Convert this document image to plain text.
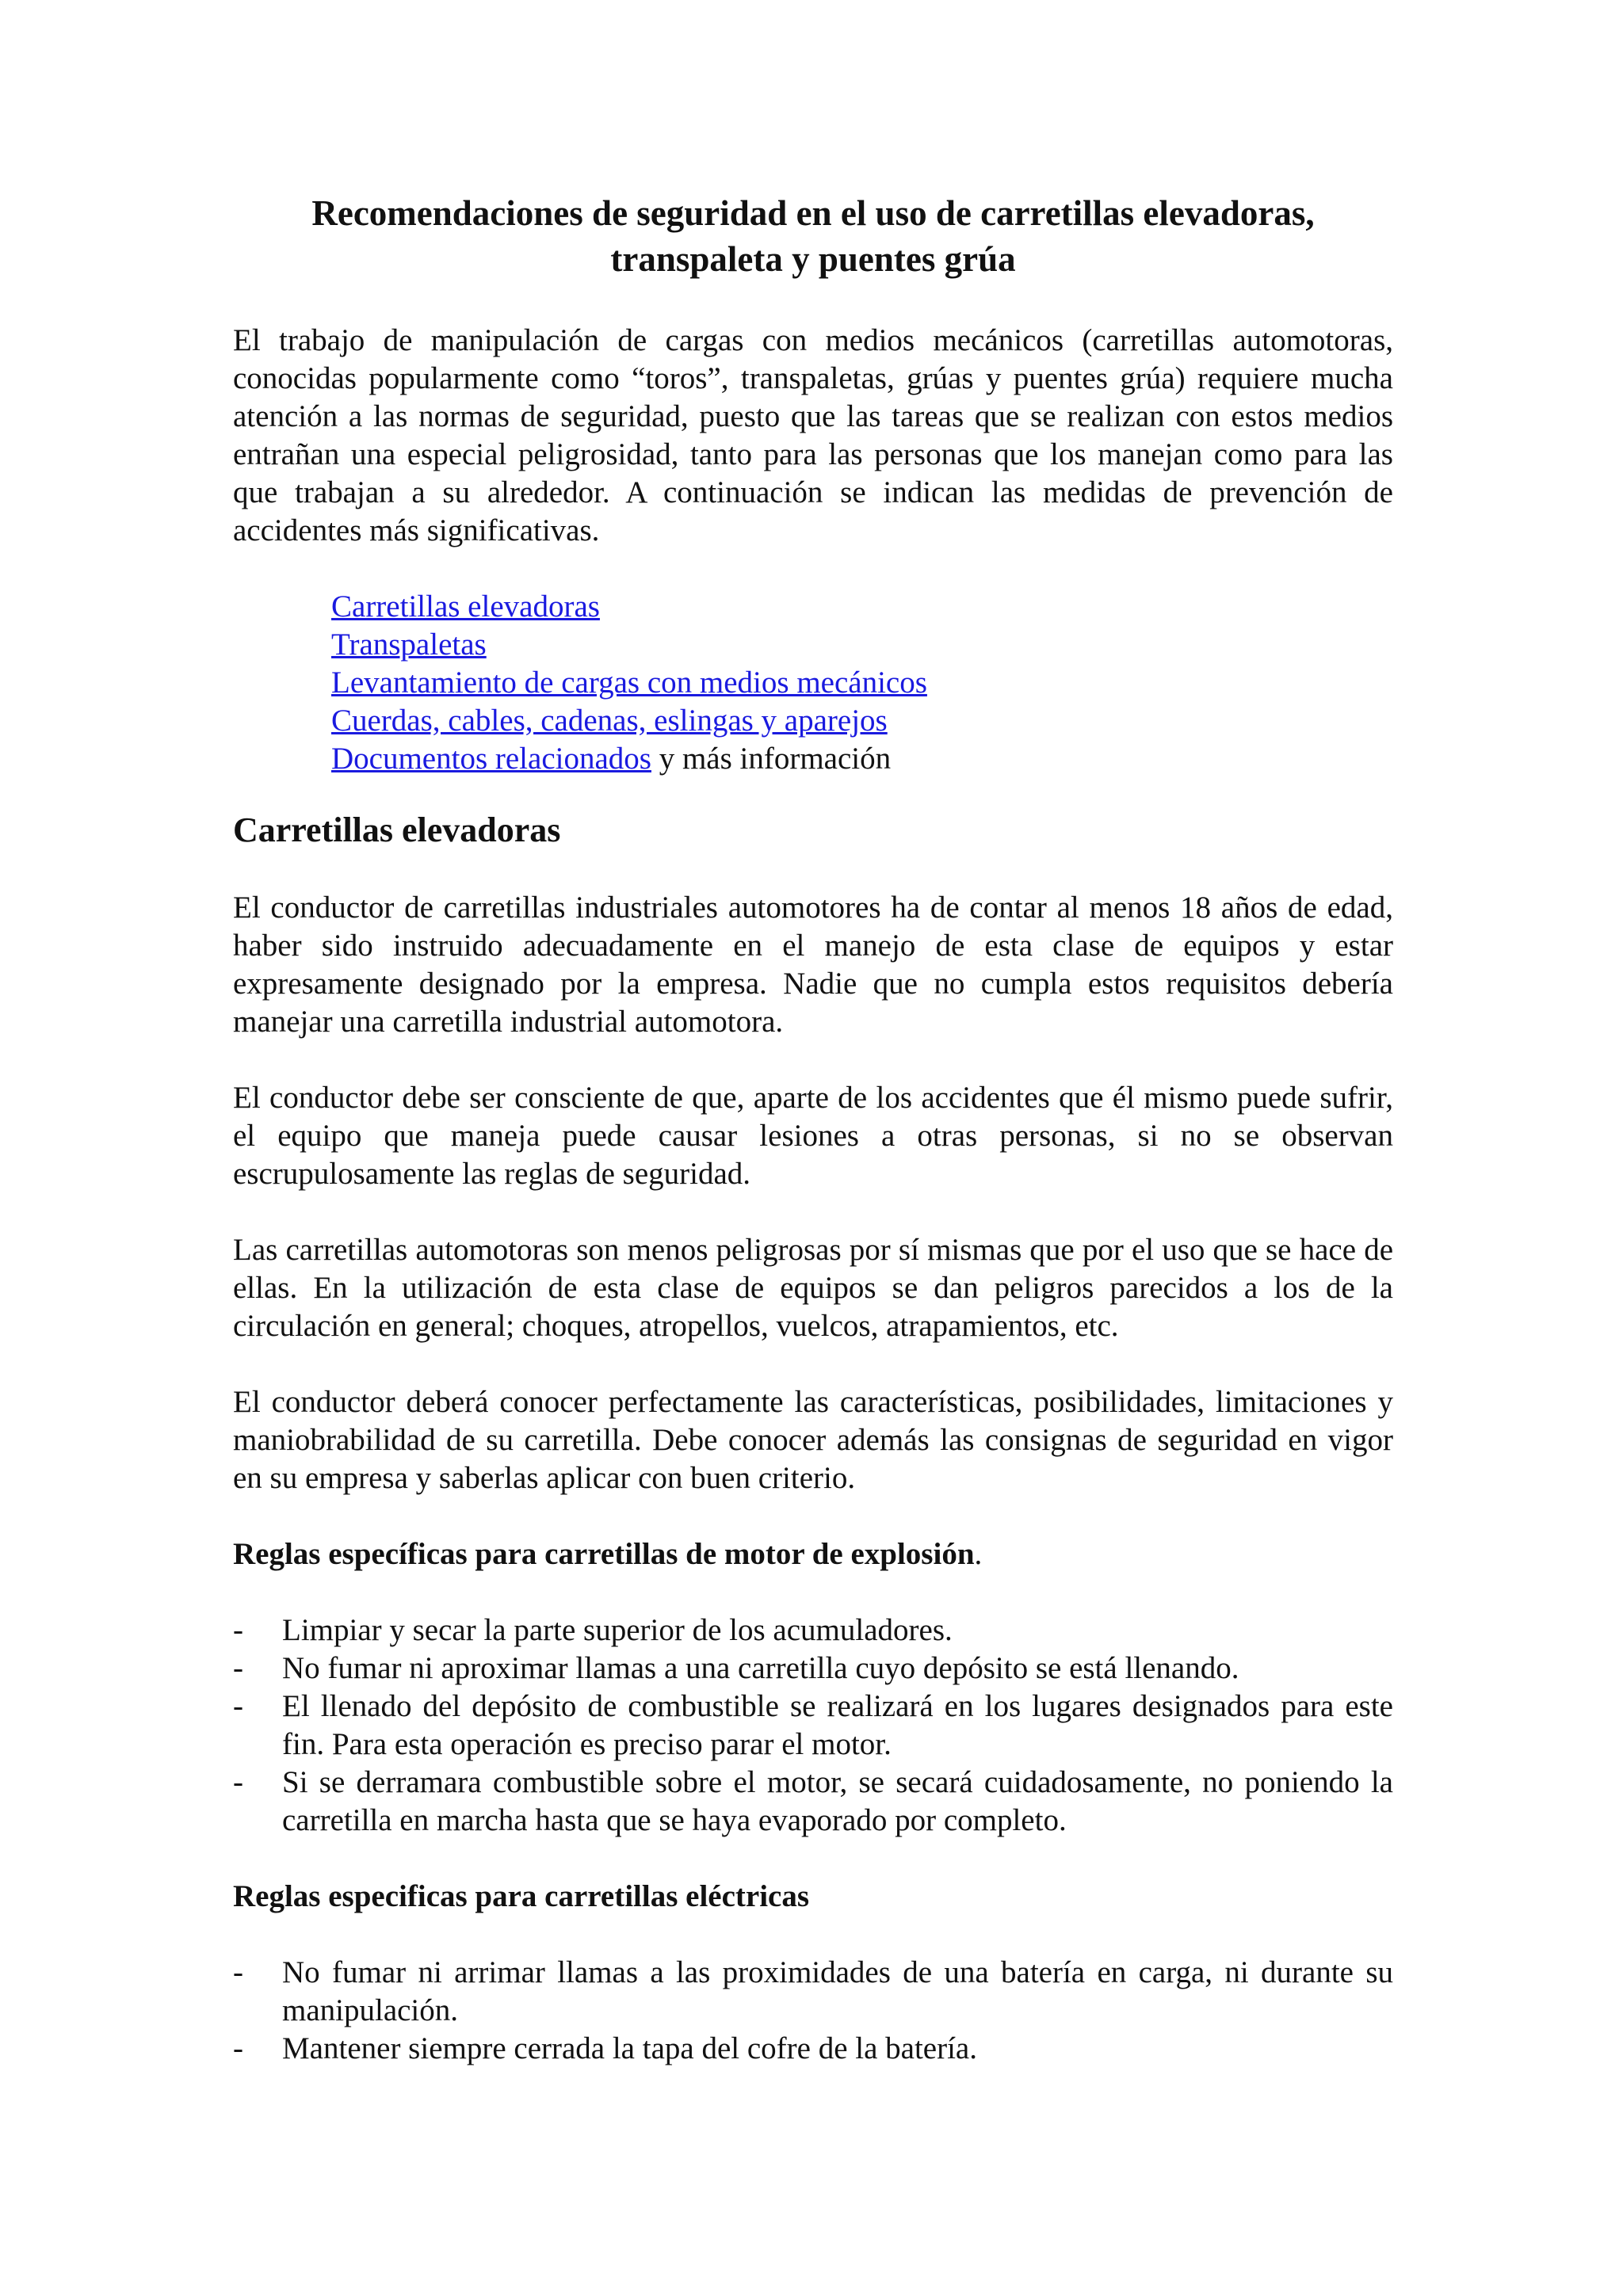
Recomendaciones de seguridad en el uso de carretillas elevadoras,
transpaleta y puentes grúa

El trabajo de manipulación de cargas con medios mecánicos (carretillas automotoras, conocidas popularmente como “toros”, transpaletas, grúas y puentes grúa) requiere mucha atención a las normas de seguridad, puesto que las tareas que se realizan con estos medios entrañan una especial peligrosidad, tanto para las personas que los manejan como para las que trabajan a su alrededor. A continuación se indican las medidas de prevención de accidentes más significativas.

Carretillas elevadoras
Transpaletas
Levantamiento de cargas con medios mecánicos
Cuerdas, cables, cadenas, eslingas y aparejos
Documentos relacionados y más información
Carretillas elevadoras

El conductor de carretillas industriales automotores ha de contar al menos 18 años de edad, haber sido instruido adecuadamente en el manejo de esta clase de equipos y estar expresamente designado por la empresa. Nadie que no cumpla estos requisitos debería manejar una carretilla industrial automotora.

El conductor debe ser consciente de que, aparte de los accidentes que él mismo puede sufrir, el equipo que maneja puede causar lesiones a otras personas, si no se observan escrupulosamente las reglas de seguridad.

Las carretillas automotoras son menos peligrosas por sí mismas que por el uso que se hace de ellas. En la utilización de esta clase de equipos se dan peligros parecidos a los de la circulación en general; choques, atropellos, vuelcos, atrapamientos, etc.

El conductor deberá conocer perfectamente las características, posibilidades, limitaciones y maniobrabilidad de su carretilla. Debe conocer además las consignas de seguridad en vigor en su empresa y saberlas aplicar con buen criterio.

Reglas específicas para carretillas de motor de explosión.
- Limpiar y secar la parte superior de los acumuladores.
- No fumar ni aproximar llamas a una carretilla cuyo depósito se está llenando.
- El llenado del depósito de combustible se realizará en los lugares designados para este fin. Para esta operación es preciso parar el motor.
- Si se derramara combustible sobre el motor, se secará cuidadosamente, no poniendo la carretilla en marcha hasta que se haya evaporado por completo.
Reglas especificas para carretillas eléctricas
- No fumar ni arrimar llamas a las proximidades de una batería en carga, ni durante su manipulación.
- Mantener siempre cerrada la tapa del cofre de la batería.
